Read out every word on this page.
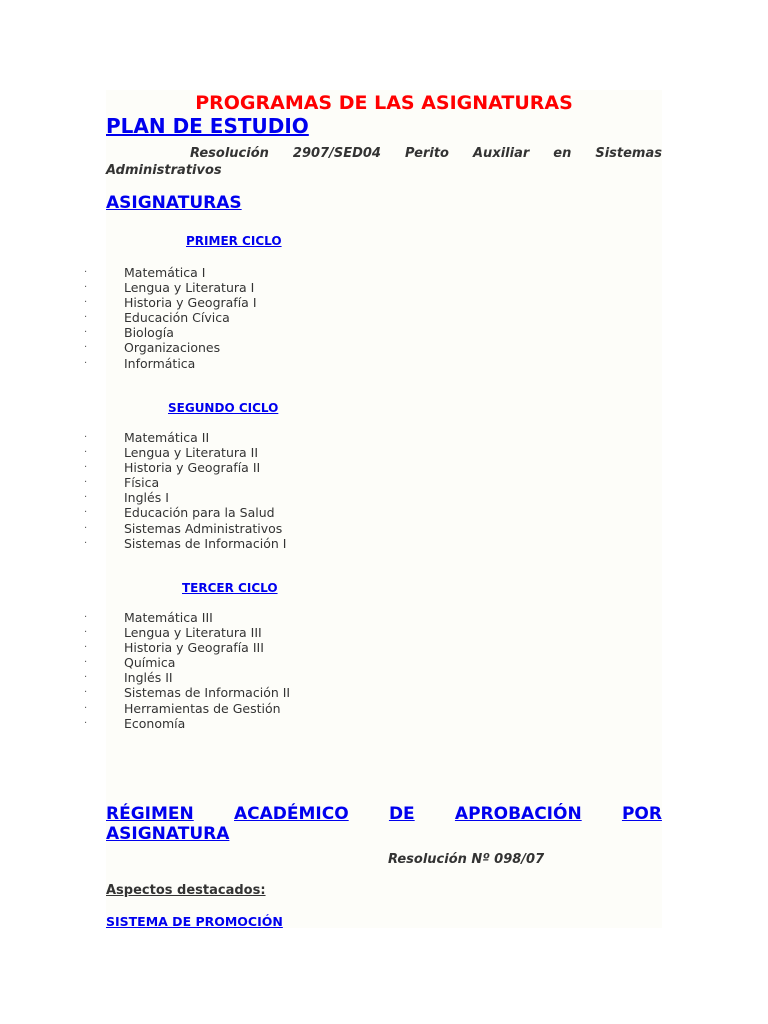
PROGRAMAS DE LAS ASIGNATURAS
PLAN DE ESTUDIO
Resolución 2907/SED04 Perito Auxiliar en Sistemas
Administrativos
ASIGNATURAS
PRIMER CICLO
·	Matemática I
·	Lengua y Literatura I
·	Historia y Geografía I
·	Educación Cívica
·	Biología
·	Organizaciones
·	Informática
SEGUNDO CICLO
·	Matemática II
·	Lengua y Literatura II
·	Historia y Geografía II
·	Física
·	Inglés I
·	Educación para la Salud
·	Sistemas Administrativos
·	Sistemas de Información I
TERCER CICLO
·	Matemática III
·	Lengua y Literatura III
·	Historia y Geografía III
·	Química
·	Inglés II
·	Sistemas de Información II
·	Herramientas de Gestión
·	Economía
RÉGIMEN ACADÉMICO DE APROBACIÓN POR
ASIGNATURA
Resolución Nº 098/07
Aspectos destacados:
SISTEMA DE PROMOCIÓN
